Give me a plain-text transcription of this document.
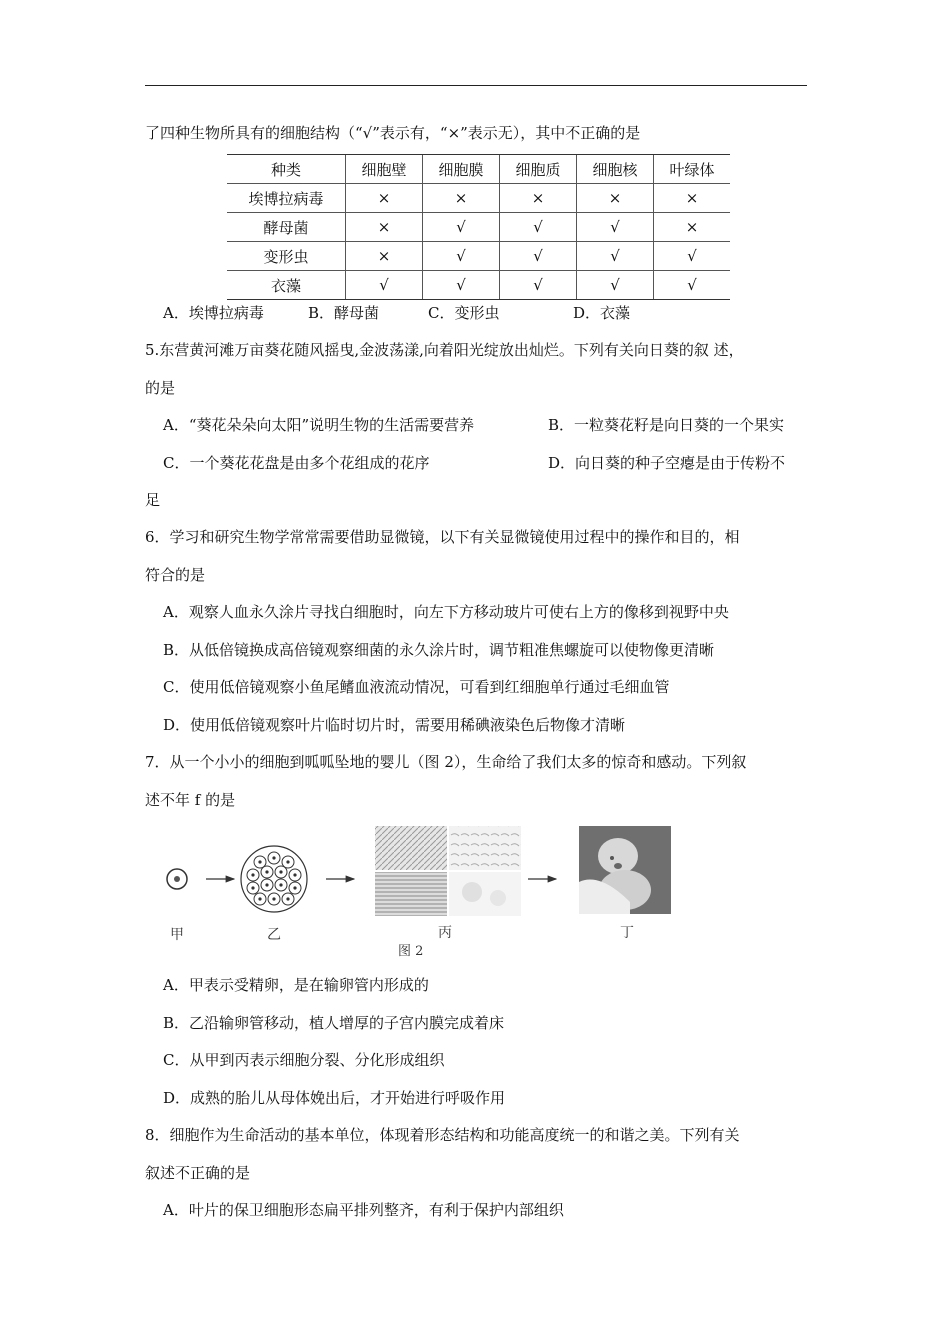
了四种生物所具有的细胞结构（“√”表示有，“×”表示无），其中不正确的是
种类	细胞壁	细胞膜	细胞质	细胞核	叶绿体
埃博拉病毒	×	×	×	×	×
酵母菌	×	√	√	√	×
变形虫	×	√	√	√	√
衣藻	√	√	√	√	√
A．埃博拉病毒	B．酵母菌	C．变形虫	D．衣藻
5.东营黄河滩万亩葵花随风摇曳,金波荡漾,向着阳光绽放出灿烂。下列有关向日葵的叙 述，
的是
A．“葵花朵朵向太阳”说明生物的生活需要营养	B．一粒葵花籽是向日葵的一个果实
C．一个葵花花盘是由多个花组成的花序	D．向日葵的种子空瘪是由于传粉不
足
6．学习和研究生物学常常需要借助显微镜，以下有关显微镜使用过程中的操作和目的，相
符合的是
A．观察人血永久涂片寻找白细胞时，向左下方移动玻片可使右上方的像移到视野中央
B．从低倍镜换成高倍镜观察细菌的永久涂片时，调节粗准焦螺旋可以使物像更清晰
C．使用低倍镜观察小鱼尾鳍血液流动情况，可看到红细胞单行通过毛细血管
D．使用低倍镜观察叶片临时切片时，需要用稀碘液染色后物像才清晰
7．从一个小小的细胞到呱呱坠地的婴儿（图 2），生命给了我们太多的惊奇和感动。下列叙
述不年 f 的是
甲	乙	丙	丁
图 2
A．甲表示受精卵，是在输卵管内形成的
B．乙沿输卵管移动，植人增厚的子宫内膜完成着床
C．从甲到丙表示细胞分裂、分化形成组织
D．成熟的胎儿从母体娩出后，才开始进行呼吸作用
8．细胞作为生命活动的基本单位，体现着形态结构和功能高度统一的和谐之美。下列有关
叙述不正确的是
A．叶片的保卫细胞形态扁平排列整齐，有利于保护内部组织
